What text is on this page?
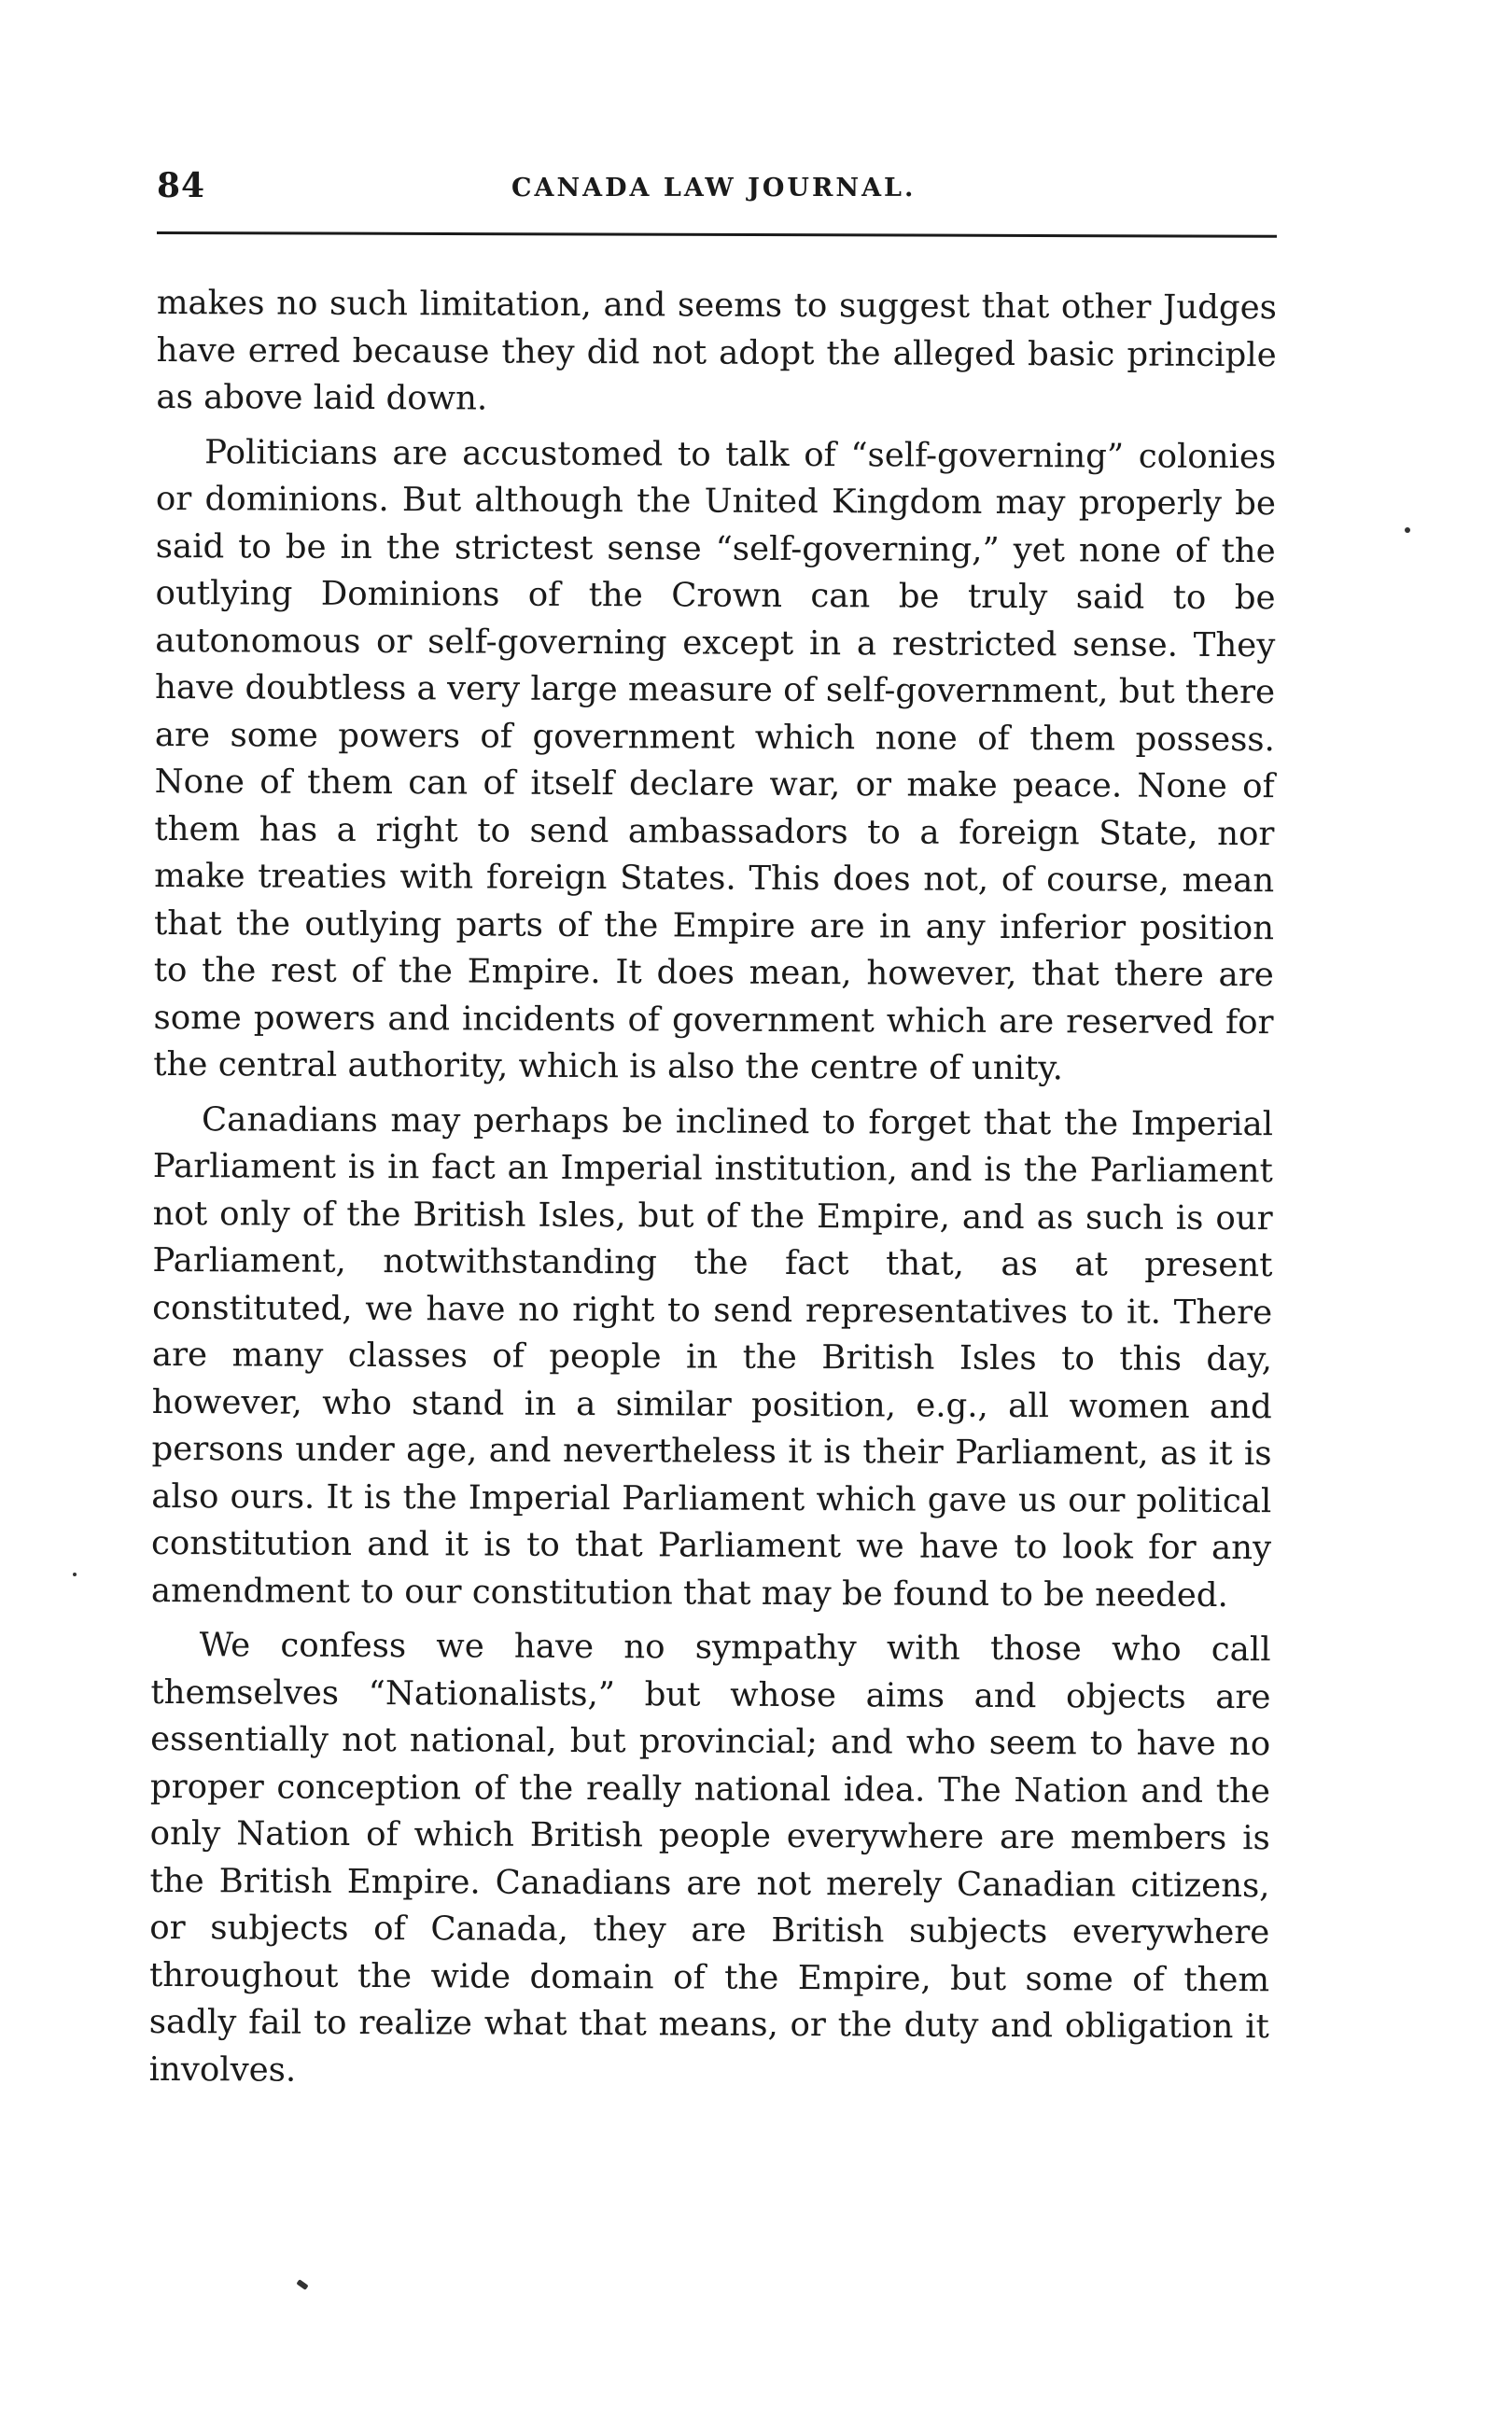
84	CANADA LAW JOURNAL.

makes no such limitation, and seems to suggest that other Judges have erred because they did not adopt the alleged basic principle as above laid down.

Politicians are accustomed to talk of “self-governing” colonies or dominions. But although the United Kingdom may properly be said to be in the strictest sense “self-governing,” yet none of the outlying Dominions of the Crown can be truly said to be autonomous or self-governing except in a restricted sense. They have doubtless a very large measure of self-government, but there are some powers of government which none of them possess. None of them can of itself declare war, or make peace. None of them has a right to send ambassadors to a foreign State, nor make treaties with foreign States. This does not, of course, mean that the outlying parts of the Empire are in any inferior position to the rest of the Empire. It does mean, however, that there are some powers and incidents of government which are reserved for the central authority, which is also the centre of unity.

Canadians may perhaps be inclined to forget that the Imperial Parliament is in fact an Imperial institution, and is the Parliament not only of the British Isles, but of the Empire, and as such is our Parliament, notwithstanding the fact that, as at present constituted, we have no right to send representatives to it. There are many classes of people in the British Isles to this day, however, who stand in a similar position, e.g., all women and persons under age, and nevertheless it is their Parliament, as it is also ours. It is the Imperial Parliament which gave us our political constitution and it is to that Parliament we have to look for any amendment to our constitution that may be found to be needed.

We confess we have no sympathy with those who call themselves “Nationalists,” but whose aims and objects are essentially not national, but provincial; and who seem to have no proper conception of the really national idea. The Nation and the only Nation of which British people everywhere are members is the British Empire. Canadians are not merely Canadian citizens, or subjects of Canada, they are British subjects everywhere throughout the wide domain of the Empire, but some of them sadly fail to realize what that means, or the duty and obligation it involves.
